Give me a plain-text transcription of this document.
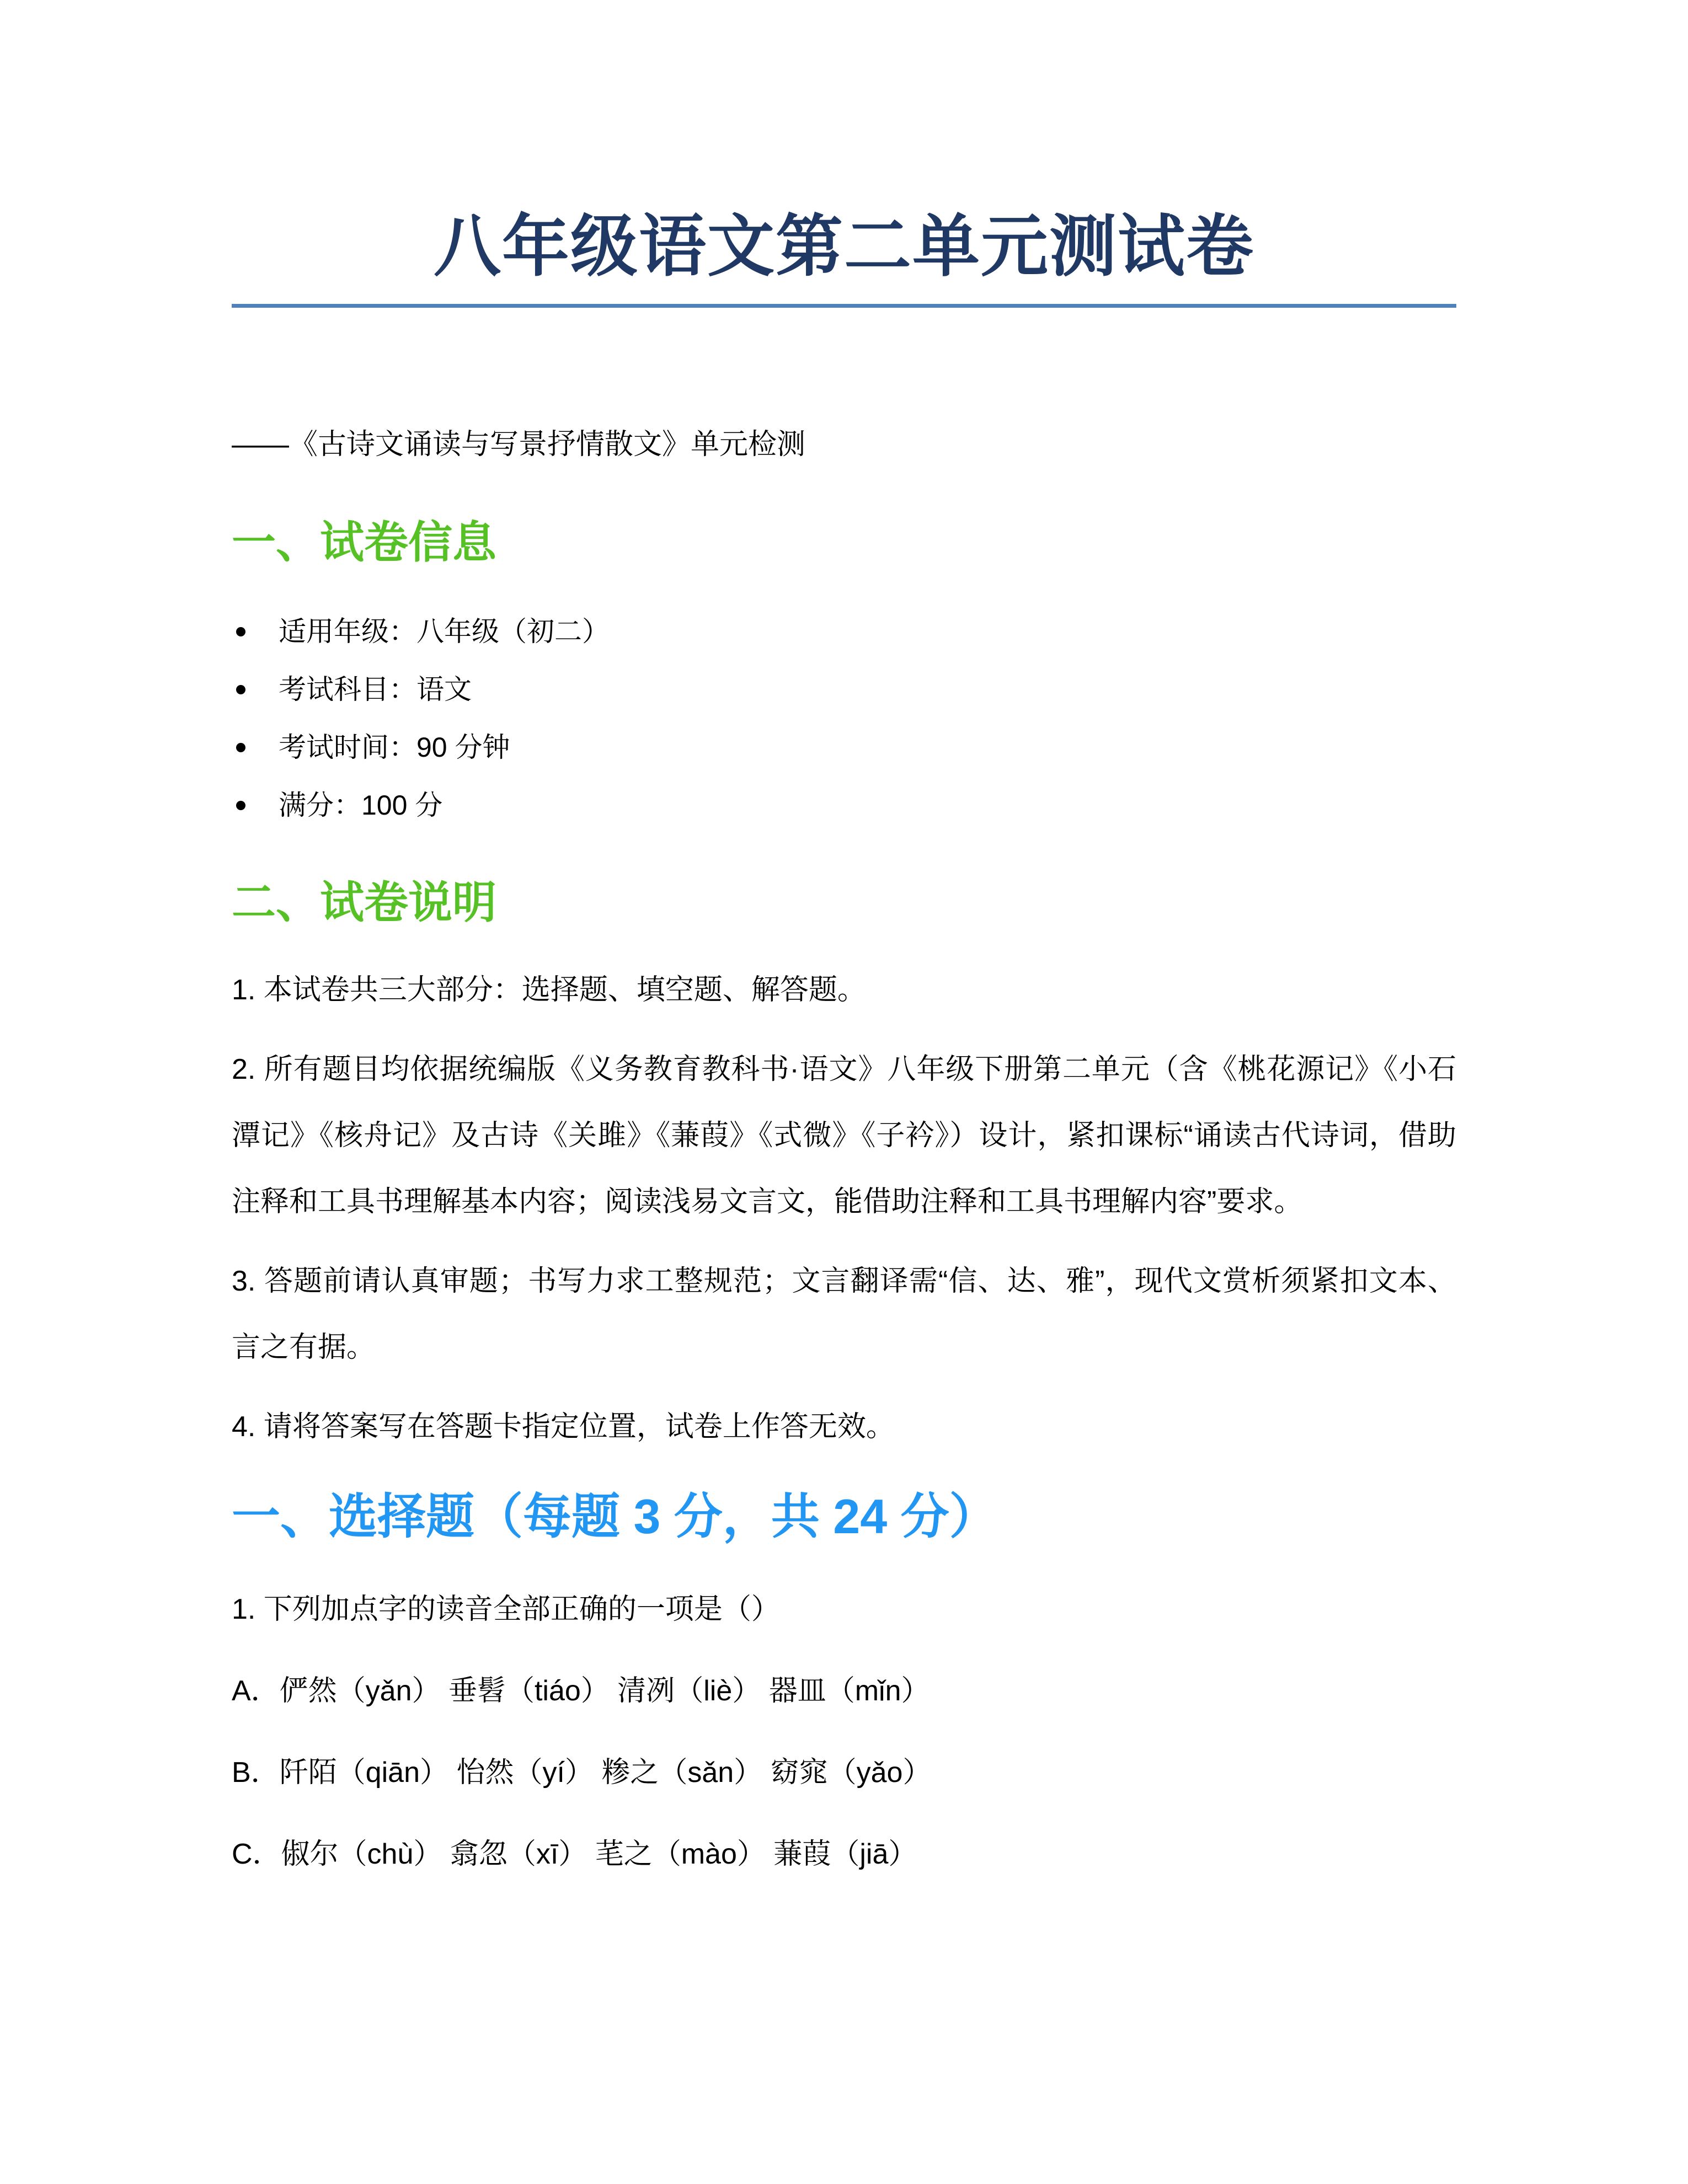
八年级语文第二单元测试卷

——《古诗文诵读与写景抒情散文》单元检测

一、试卷信息
适用年级：八年级（初二）
考试科目：语文
考试时间：90 分钟
满分：100 分
二、试卷说明

1. 本试卷共三大部分：选择题、填空题、解答题。

2. 所有题目均依据统编版《义务教育教科书·语文》八年级下册第二单元（含《桃花源记》《小石潭记》《核舟记》及古诗《关雎》《蒹葭》《式微》《子衿》）设计，紧扣课标“诵读古代诗词，借助注释和工具书理解基本内容；阅读浅易文言文，能借助注释和工具书理解内容”要求。

3. 答题前请认真审题；书写力求工整规范；文言翻译需“信、达、雅”，现代文赏析须紧扣文本、言之有据。

4. 请将答案写在答题卡指定位置，试卷上作答无效。

一、选择题（每题 3 分，共 24 分）

1. 下列加点字的读音全部正确的一项是（）

A．俨然（yǎn） 垂髫（tiáo） 清冽（liè） 器皿（mǐn）

B．阡陌（qiān） 怡然（yí） 糁之（sǎn） 窈窕（yǎo）

C．俶尔（chù） 翕忽（xī） 芼之（mào） 蒹葭（jiā）
